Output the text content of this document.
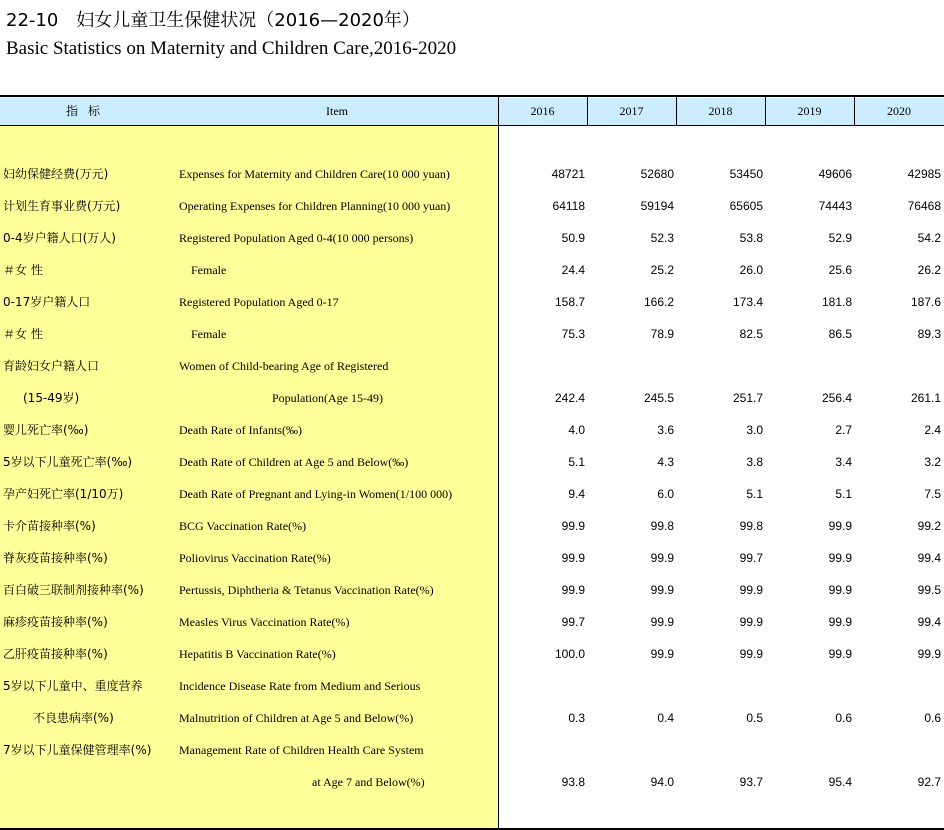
22-10　妇女儿童卫生保健状况（2016—2020年）
Basic Statistics on Maternity and Children Care,2016-2020
指标	Item	2016	2017	2018	2019	2020
妇幼保健经费(万元)	Expenses for Maternity and Children Care(10 000 yuan)	48721	52680	53450	49606	42985
计划生育事业费(万元)	Operating Expenses for Children Planning(10 000 yuan)	64118	59194	65605	74443	76468
0-4岁户籍人口(万人)	Registered Population Aged 0-4(10 000 persons)	50.9	52.3	53.8	52.9	54.2
＃女 性	Female	24.4	25.2	26.0	25.6	26.2
0-17岁户籍人口	Registered Population Aged 0-17	158.7	166.2	173.4	181.8	187.6
＃女 性	Female	75.3	78.9	82.5	86.5	89.3
育龄妇女户籍人口	Women of Child-bearing Age of Registered
(15-49岁)	Population(Age 15-49)	242.4	245.5	251.7	256.4	261.1
婴儿死亡率(‰)	Death Rate of Infants(‰)	4.0	3.6	3.0	2.7	2.4
5岁以下儿童死亡率(‰)	Death Rate of Children at Age 5 and Below(‰)	5.1	4.3	3.8	3.4	3.2
孕产妇死亡率(1/10万)	Death Rate of Pregnant and Lying-in Women(1/100 000)	9.4	6.0	5.1	5.1	7.5
卡介苗接种率(%)	BCG Vaccination Rate(%)	99.9	99.8	99.8	99.9	99.2
脊灰疫苗接种率(%)	Poliovirus Vaccination Rate(%)	99.9	99.9	99.7	99.9	99.4
百白破三联制剂接种率(%)	Pertussis, Diphtheria & Tetanus Vaccination Rate(%)	99.9	99.9	99.9	99.9	99.5
麻疹疫苗接种率(%)	Measles Virus Vaccination Rate(%)	99.7	99.9	99.9	99.9	99.4
乙肝疫苗接种率(%)	Hepatitis B Vaccination Rate(%)	100.0	99.9	99.9	99.9	99.9
5岁以下儿童中、重度营养	Incidence Disease Rate from Medium and Serious
不良患病率(%)	Malnutrition of Children at Age 5 and Below(%)	0.3	0.4	0.5	0.6	0.6
7岁以下儿童保健管理率(%) Management Rate of Children Health Care System
at Age 7 and Below(%)	93.8	94.0	93.7	95.4	92.7
